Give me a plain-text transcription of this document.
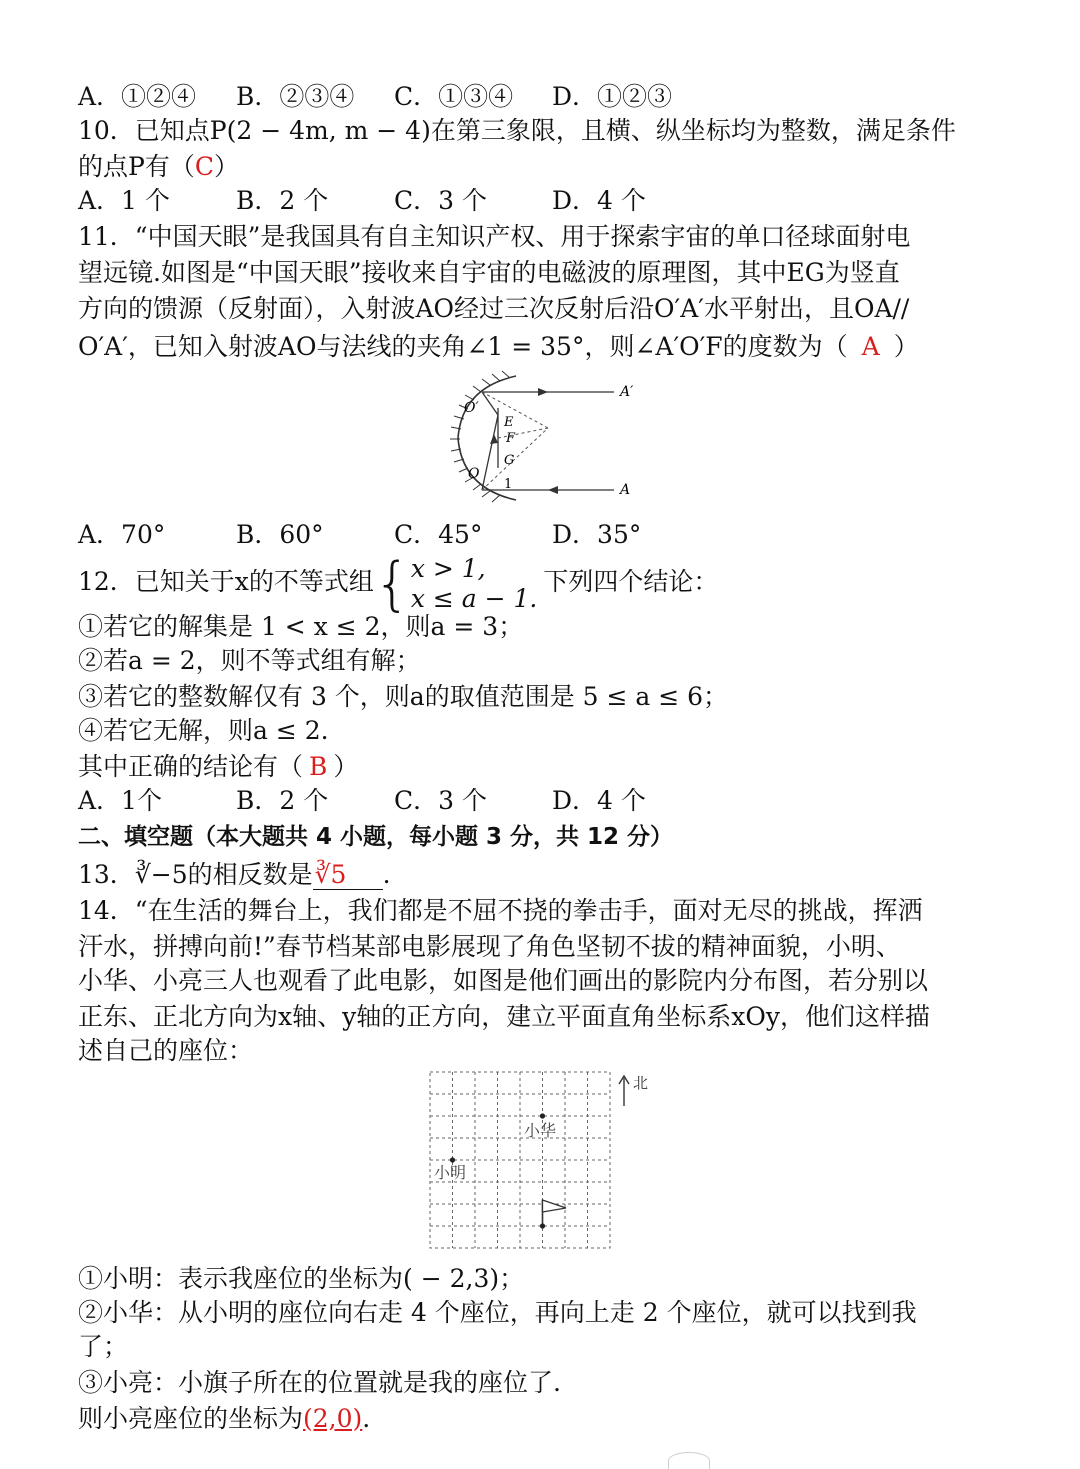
A．①②④ B．②③④ C．①③④ D．①②③
10．已知点P(2 − 4m, m − 4)在第三象限，且横、纵坐标均为整数，满足条件
的点P有（C）
A．1 个	B．2 个	C．3 个	D．4 个
11．“中国天眼”是我国具有自主知识产权、用于探索宇宙的单口径球面射电
望远镜.如图是“中国天眼”接收来自宇宙的电磁波的原理图，其中EG为竖直
方向的馈源（反射面），入射波AO经过三次反射后沿O′A′水平射出，且OA//
O′A′，已知入射波AO与法线的夹角∠1 = 35°，则∠A′O′F的度数为（ A ）
A′
A
O′
O
E
F
G
1
A．70°	B．60°	C．45°	D．35°
12．已知关于x的不等式组{ x > 1,
x ≤ a − 1.
下列四个结论：
①若它的解集是 1 < x ≤ 2，则a = 3；
②若a = 2，则不等式组有解；
③若它的整数解仅有 3 个，则a的取值范围是 5 ≤ a ≤ 6；
④若它无解，则a ≤ 2.
其中正确的结论有（ B ）
A．1个	B．2 个	C．3 个	D．4 个
二、填空题（本大题共 4 小题，每小题 3 分，共 12 分）
13．∛−5的相反数是∛5 .
14．“在生活的舞台上，我们都是不屈不挠的拳击手，面对无尽的挑战，挥洒
汗水，拼搏向前!”春节档某部电影展现了角色坚韧不拔的精神面貌，小明、
小华、小亮三人也观看了此电影，如图是他们画出的影院内分布图，若分别以
正东、正北方向为x轴、y轴的正方向，建立平面直角坐标系xOy，他们这样描
述自己的座位：
北
小华
小明
①小明：表示我座位的坐标为( − 2,3)；
②小华：从小明的座位向右走 4 个座位，再向上走 2 个座位，就可以找到我
了；
③小亮：小旗子所在的位置就是我的座位了.
则小亮座位的坐标为(2,0).
